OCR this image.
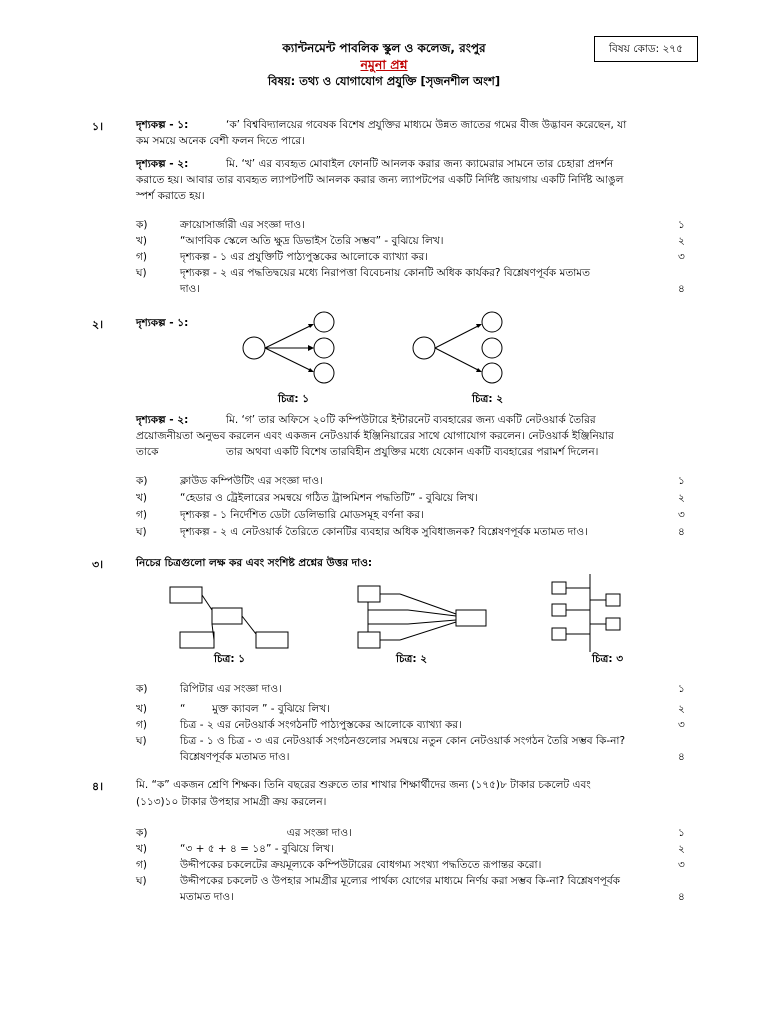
ক্যান্টনমেন্ট পাবলিক স্কুল ও কলেজ, রংপুর
নমুনা প্রশ্ন
বিষয়: তথ্য ও যোগাযোগ প্রযুক্তি [সৃজনশীল অংশ]
বিষয় কোড: ২৭৫
১।	দৃশ্যকল্প - ১:	‘ক’ বিশ্ববিদ্যালয়ের গবেষক বিশেষ প্রযুক্তির মাধ্যমে উন্নত জাতের গমের বীজ উদ্ভাবন করেছেন, যা
কম সময়ে অনেক বেশী ফলন দিতে পারে।
দৃশ্যকল্প - ২:	মি. ‘খ’ এর ব্যবহৃত মোবাইল ফোনটি আনলক করার জন্য ক্যামেরার সামনে তার চেহারা প্রদর্শন
করাতে হয়। আবার তার ব্যবহৃত ল্যাপটপটি আনলক করার জন্য ল্যাপটপের একটি নির্দিষ্ট জায়গায় একটি নির্দিষ্ট আঙুল
স্পর্শ করাতে হয়।
ক)	ক্রায়োসার্জারী এর সংজ্ঞা দাও।	১
খ)	“আণবিক স্কেলে অতি ক্ষুদ্র ডিভাইস তৈরি সম্ভব” - বুঝিয়ে লিখ।	২
গ)	দৃশ্যকল্প - ১ এর প্রযুক্তিটি পাঠ্যপুস্তকের আলোকে ব্যাখ্যা কর।	৩
ঘ)	দৃশ্যকল্প - ২ এর পদ্ধতিদ্বয়ের মধ্যে নিরাপত্তা বিবেচনায় কোনটি অধিক কার্যকর? বিশ্লেষণপূর্বক মতামত
দাও।	৪
২।	দৃশ্যকল্প - ১:
চিত্র: ১	চিত্র: ২
দৃশ্যকল্প - ২:	মি. ‘গ’ তার অফিসে ২০টি কম্পিউটারে ইন্টারনেট ব্যবহারের জন্য একটি নেটওয়ার্ক তৈরির
প্রয়োজনীয়তা অনুভব করলেন এবং একজন নেটওয়ার্ক ইঞ্জিনিয়ারের সাথে যোগাযোগ করলেন। নেটওয়ার্ক ইঞ্জিনিয়ার
তাকে	তার অথবা একটি বিশেষ তারবিহীন প্রযুক্তির মধ্যে যেকোন একটি ব্যবহারের পরামর্শ দিলেন।
ক)	ক্লাউড কম্পিউটিং এর সংজ্ঞা দাও।	১
খ)	“হেডার ও ট্রেইলারের সমন্বয়ে গঠিত ট্রান্সমিশন পদ্ধতিটি” - বুঝিয়ে লিখ।	২
গ)	দৃশ্যকল্প - ১ নির্দেশিত ডেটা ডেলিভারি মোডসমূহ বর্ণনা কর।	৩
ঘ)	দৃশ্যকল্প - ২ এ নেটওয়ার্ক তৈরিতে কোনটির ব্যবহার অধিক সুবিধাজনক? বিশ্লেষণপূর্বক মতামত দাও।	৪
৩।	নিচের চিত্রগুলো লক্ষ কর এবং সংশিষ্ট প্রশ্নের উত্তর দাও:
চিত্র: ১	চিত্র: ২	চিত্র: ৩
ক)	রিপিটার এর সংজ্ঞা দাও।	১
খ)	“        মুক্ত ক্যাবল ” - বুঝিয়ে লিখ।	২
গ)	চিত্র - ২ এর নেটওয়ার্ক সংগঠনটি পাঠ্যপুস্তকের আলোকে ব্যাখ্যা কর।	৩
ঘ)	চিত্র - ১ ও চিত্র - ৩ এর নেটওয়ার্ক সংগঠনগুলোর সমন্বয়ে নতুন কোন নেটওয়ার্ক সংগঠন তৈরি সম্ভব কি-না?
বিশ্লেষণপূর্বক মতামত দাও।	৪
৪।	মি. “ক” একজন শ্রেণি শিক্ষক। তিনি বছরের শুরুতে তার শাখার শিক্ষার্থীদের জন্য (১৭৫)৮ টাকার চকলেট এবং
(১১৩)১০ টাকার উপহার সামগ্রী ক্রয় করলেন।
ক)	এর সংজ্ঞা দাও।	১
খ)	“৩ + ৫ + ৪ = ১৪” - বুঝিয়ে লিখ।	২
গ)	উদ্দীপকের চকলেটের ক্রয়মূল্যকে কম্পিউটারের বোধগম্য সংখ্যা পদ্ধতিতে রূপান্তর করো।	৩
ঘ)	উদ্দীপকের চকলেট ও উপহার সামগ্রীর মূল্যের পার্থক্য যোগের মাধ্যমে নির্ণয় করা সম্ভব কি-না? বিশ্লেষণপূর্বক
মতামত দাও।	৪
